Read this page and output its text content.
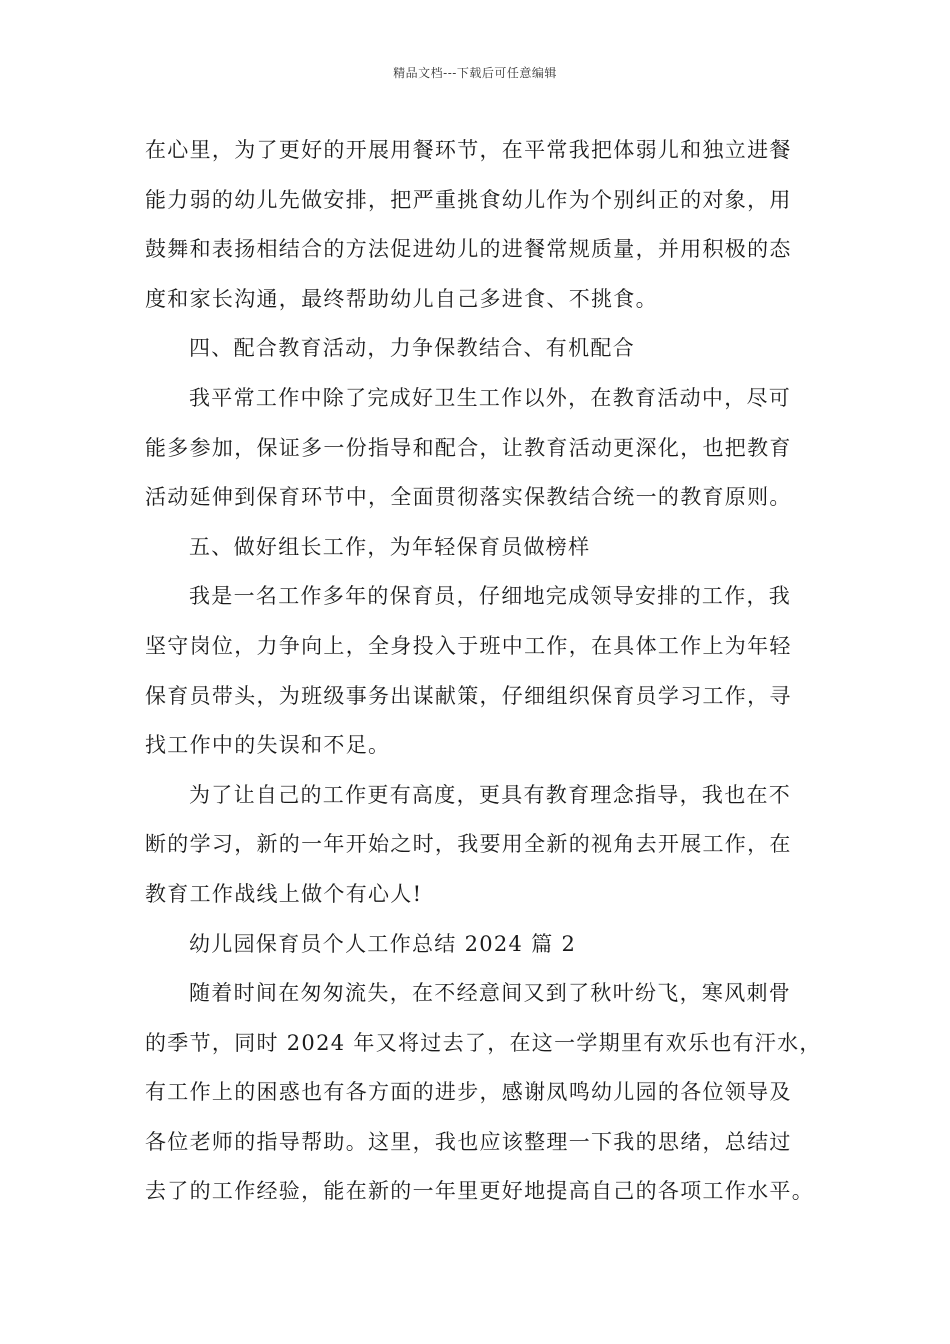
精品文档---下载后可任意编辑
在心里，为了更好的开展用餐环节，在平常我把体弱儿和独立进餐
能力弱的幼儿先做安排，把严重挑食幼儿作为个别纠正的对象，用
鼓舞和表扬相结合的方法促进幼儿的进餐常规质量，并用积极的态
度和家长沟通，最终帮助幼儿自己多进食、不挑食。
四、配合教育活动，力争保教结合、有机配合
我平常工作中除了完成好卫生工作以外，在教育活动中，尽可
能多参加，保证多一份指导和配合，让教育活动更深化，也把教育
活动延伸到保育环节中，全面贯彻落实保教结合统一的教育原则。
五、做好组长工作，为年轻保育员做榜样
我是一名工作多年的保育员，仔细地完成领导安排的工作，我
坚守岗位，力争向上，全身投入于班中工作，在具体工作上为年轻
保育员带头，为班级事务出谋献策，仔细组织保育员学习工作，寻
找工作中的失误和不足。
为了让自己的工作更有高度，更具有教育理念指导，我也在不
断的学习，新的一年开始之时，我要用全新的视角去开展工作，在
教育工作战线上做个有心人!
幼儿园保育员个人工作总结 2024 篇 2
随着时间在匆匆流失，在不经意间又到了秋叶纷飞，寒风刺骨
的季节，同时 2024 年又将过去了，在这一学期里有欢乐也有汗水，
有工作上的困惑也有各方面的进步，感谢凤鸣幼儿园的各位领导及
各位老师的指导帮助。这里，我也应该整理一下我的思绪，总结过
去了的工作经验，能在新的一年里更好地提高自己的各项工作水平。
